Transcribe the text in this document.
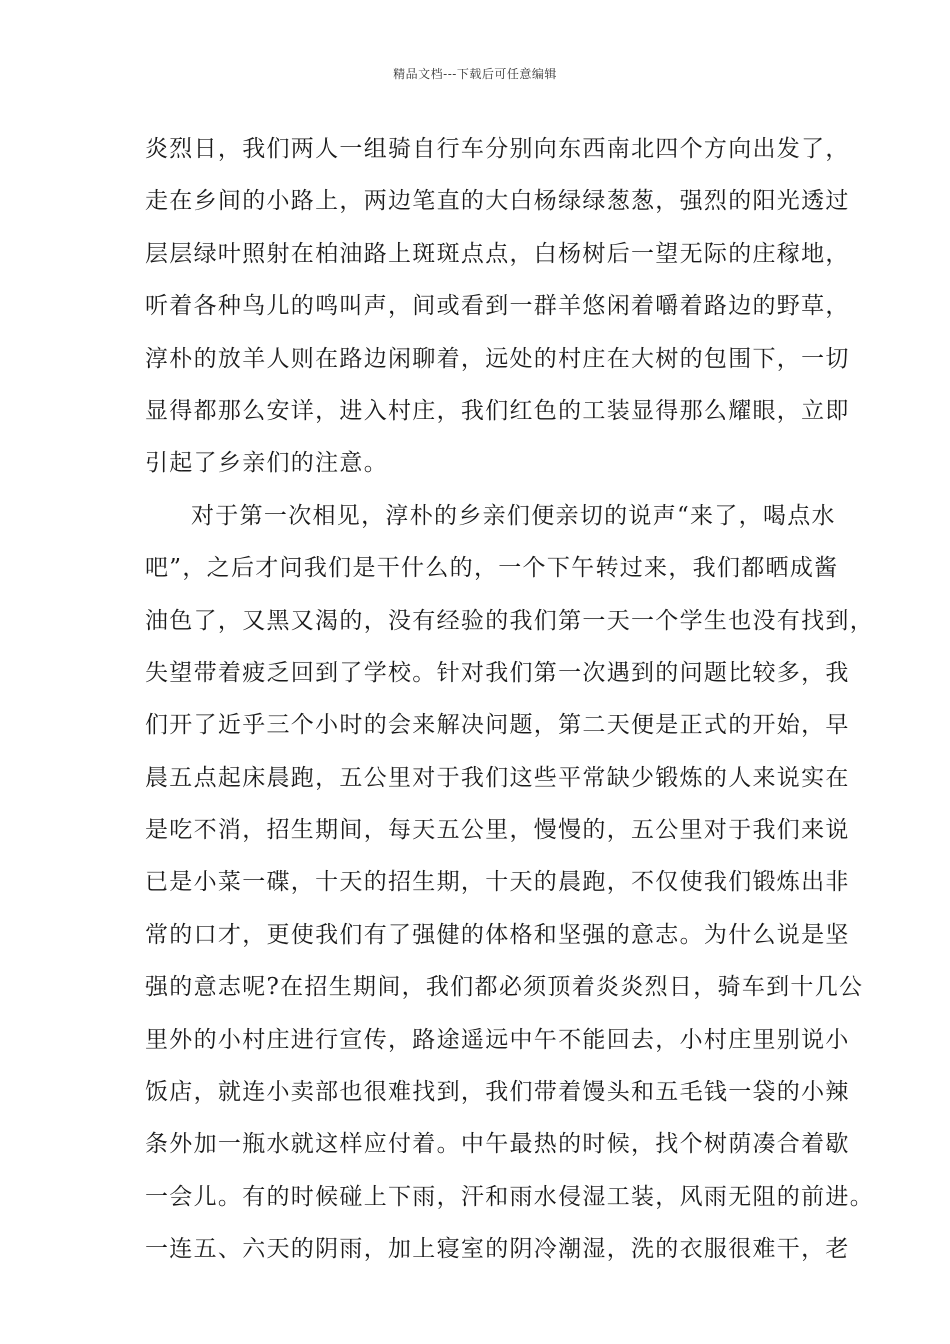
精品文档---下载后可任意编辑
炎烈日，我们两人一组骑自行车分别向东西南北四个方向出发了，
走在乡间的小路上，两边笔直的大白杨绿绿葱葱，强烈的阳光透过
层层绿叶照射在柏油路上斑斑点点，白杨树后一望无际的庄稼地，
听着各种鸟儿的鸣叫声，间或看到一群羊悠闲着嚼着路边的野草，
淳朴的放羊人则在路边闲聊着，远处的村庄在大树的包围下，一切
显得都那么安详，进入村庄，我们红色的工装显得那么耀眼，立即
引起了乡亲们的注意。
对于第一次相见，淳朴的乡亲们便亲切的说声“来了，喝点水
吧”，之后才问我们是干什么的，一个下午转过来，我们都晒成酱
油色了，又黑又渴的，没有经验的我们第一天一个学生也没有找到，
失望带着疲乏回到了学校。针对我们第一次遇到的问题比较多，我
们开了近乎三个小时的会来解决问题，第二天便是正式的开始，早
晨五点起床晨跑，五公里对于我们这些平常缺少锻炼的人来说实在
是吃不消，招生期间，每天五公里，慢慢的，五公里对于我们来说
已是小菜一碟，十天的招生期，十天的晨跑，不仅使我们锻炼出非
常的口才，更使我们有了强健的体格和坚强的意志。为什么说是坚
强的意志呢?在招生期间，我们都必须顶着炎炎烈日，骑车到十几公
里外的小村庄进行宣传，路途遥远中午不能回去，小村庄里别说小
饭店，就连小卖部也很难找到，我们带着馒头和五毛钱一袋的小辣
条外加一瓶水就这样应付着。中午最热的时候，找个树荫凑合着歇
一会儿。有的时候碰上下雨，汗和雨水侵湿工装，风雨无阻的前进。
一连五、六天的阴雨，加上寝室的阴冷潮湿，洗的衣服很难干，老
